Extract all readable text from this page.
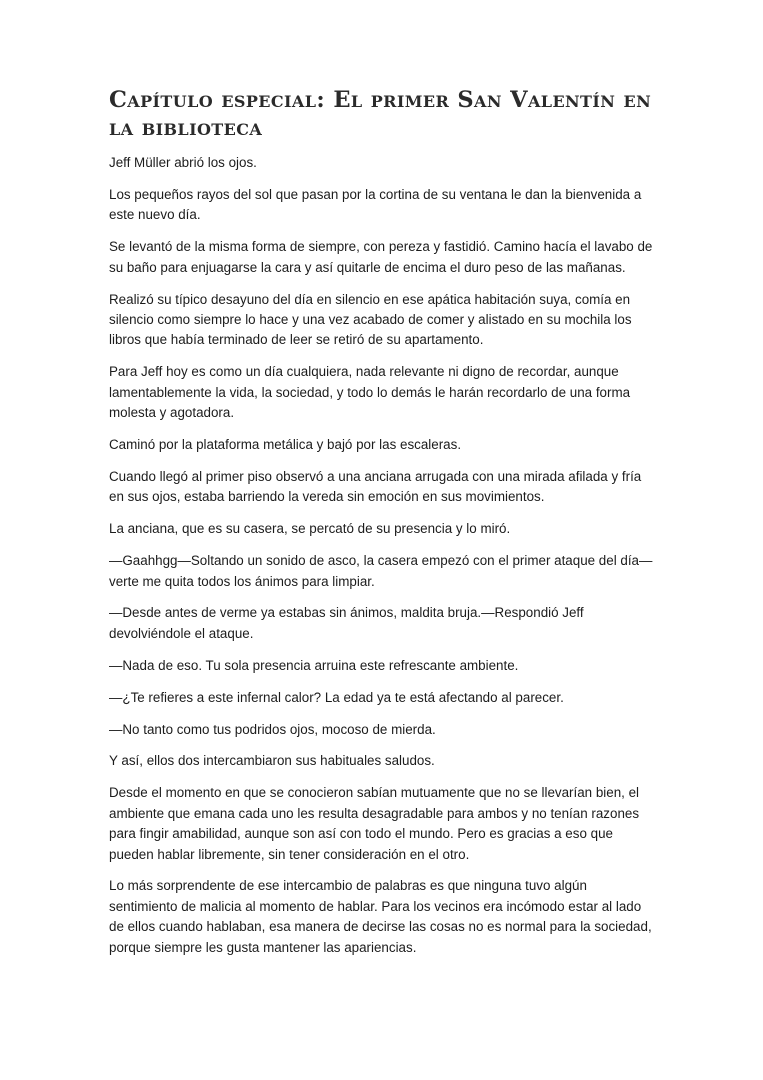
Capítulo especial: El primer San Valentín en la biblioteca

Jeff Müller abrió los ojos.

Los pequeños rayos del sol que pasan por la cortina de su ventana le dan la bienvenida a este nuevo día.

Se levantó de la misma forma de siempre, con pereza y fastidió. Camino hacía el lavabo de su baño para enjuagarse la cara y así quitarle de encima el duro peso de las mañanas.

Realizó su típico desayuno del día en silencio en ese apática habitación suya, comía en silencio como siempre lo hace y una vez acabado de comer y alistado en su mochila los libros que había terminado de leer se retiró de su apartamento.

Para Jeff hoy es como un día cualquiera, nada relevante ni digno de recordar, aunque lamentablemente la vida, la sociedad, y todo lo demás le harán recordarlo de una forma molesta y agotadora.

Caminó por la plataforma metálica y bajó por las escaleras.

Cuando llegó al primer piso observó a una anciana arrugada con una mirada afilada y fría en sus ojos, estaba barriendo la vereda sin emoción en sus movimientos.

La anciana, que es su casera, se percató de su presencia y lo miró.

—Gaahhgg—Soltando un sonido de asco, la casera empezó con el primer ataque del día—verte me quita todos los ánimos para limpiar.

—Desde antes de verme ya estabas sin ánimos, maldita bruja.—Respondió Jeff devolviéndole el ataque.

—Nada de eso. Tu sola presencia arruina este refrescante ambiente.

—¿Te refieres a este infernal calor? La edad ya te está afectando al parecer.

—No tanto como tus podridos ojos, mocoso de mierda.

Y así, ellos dos intercambiaron sus habituales saludos.

Desde el momento en que se conocieron sabían mutuamente que no se llevarían bien, el ambiente que emana cada uno les resulta desagradable para ambos y no tenían razones para fingir amabilidad, aunque son así con todo el mundo. Pero es gracias a eso que pueden hablar libremente, sin tener consideración en el otro.

Lo más sorprendente de ese intercambio de palabras es que ninguna tuvo algún sentimiento de malicia al momento de hablar. Para los vecinos era incómodo estar al lado de ellos cuando hablaban, esa manera de decirse las cosas no es normal para la sociedad, porque siempre les gusta mantener las apariencias.
